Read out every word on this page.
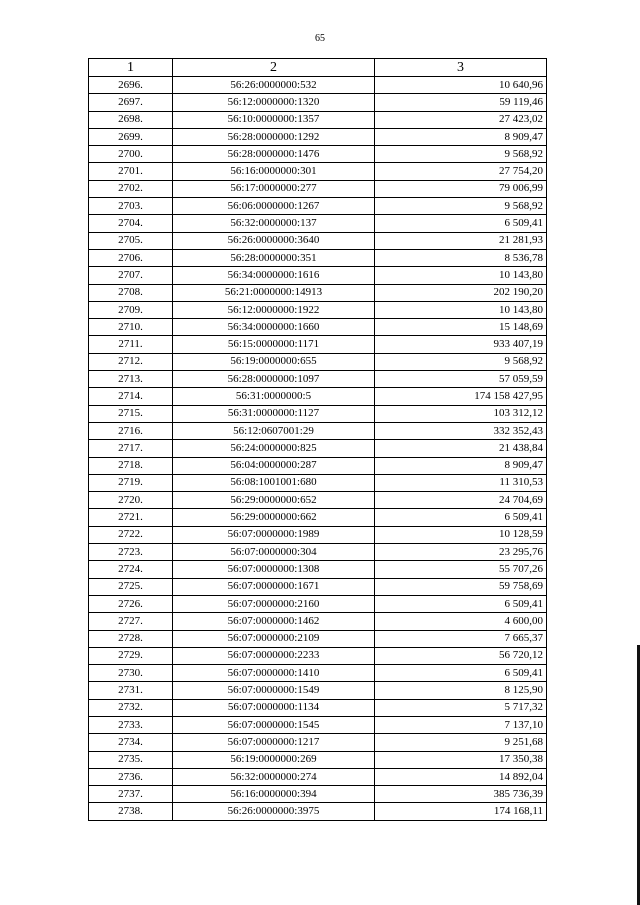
65
1	2	3
2696.	56:26:0000000:532	10 640,96
2697.	56:12:0000000:1320	59 119,46
2698.	56:10:0000000:1357	27 423,02
2699.	56:28:0000000:1292	8 909,47
2700.	56:28:0000000:1476	9 568,92
2701.	56:16:0000000:301	27 754,20
2702.	56:17:0000000:277	79 006,99
2703.	56:06:0000000:1267	9 568,92
2704.	56:32:0000000:137	6 509,41
2705.	56:26:0000000:3640	21 281,93
2706.	56:28:0000000:351	8 536,78
2707.	56:34:0000000:1616	10 143,80
2708.	56:21:0000000:14913	202 190,20
2709.	56:12:0000000:1922	10 143,80
2710.	56:34:0000000:1660	15 148,69
2711.	56:15:0000000:1171	933 407,19
2712.	56:19:0000000:655	9 568,92
2713.	56:28:0000000:1097	57 059,59
2714.	56:31:0000000:5	174 158 427,95
2715.	56:31:0000000:1127	103 312,12
2716.	56:12:0607001:29	332 352,43
2717.	56:24:0000000:825	21 438,84
2718.	56:04:0000000:287	8 909,47
2719.	56:08:1001001:680	11 310,53
2720.	56:29:0000000:652	24 704,69
2721.	56:29:0000000:662	6 509,41
2722.	56:07:0000000:1989	10 128,59
2723.	56:07:0000000:304	23 295,76
2724.	56:07:0000000:1308	55 707,26
2725.	56:07:0000000:1671	59 758,69
2726.	56:07:0000000:2160	6 509,41
2727.	56:07:0000000:1462	4 600,00
2728.	56:07:0000000:2109	7 665,37
2729.	56:07:0000000:2233	56 720,12
2730.	56:07:0000000:1410	6 509,41
2731.	56:07:0000000:1549	8 125,90
2732.	56:07:0000000:1134	5 717,32
2733.	56:07:0000000:1545	7 137,10
2734.	56:07:0000000:1217	9 251,68
2735.	56:19:0000000:269	17 350,38
2736.	56:32:0000000:274	14 892,04
2737.	56:16:0000000:394	385 736,39
2738.	56:26:0000000:3975	174 168,11
